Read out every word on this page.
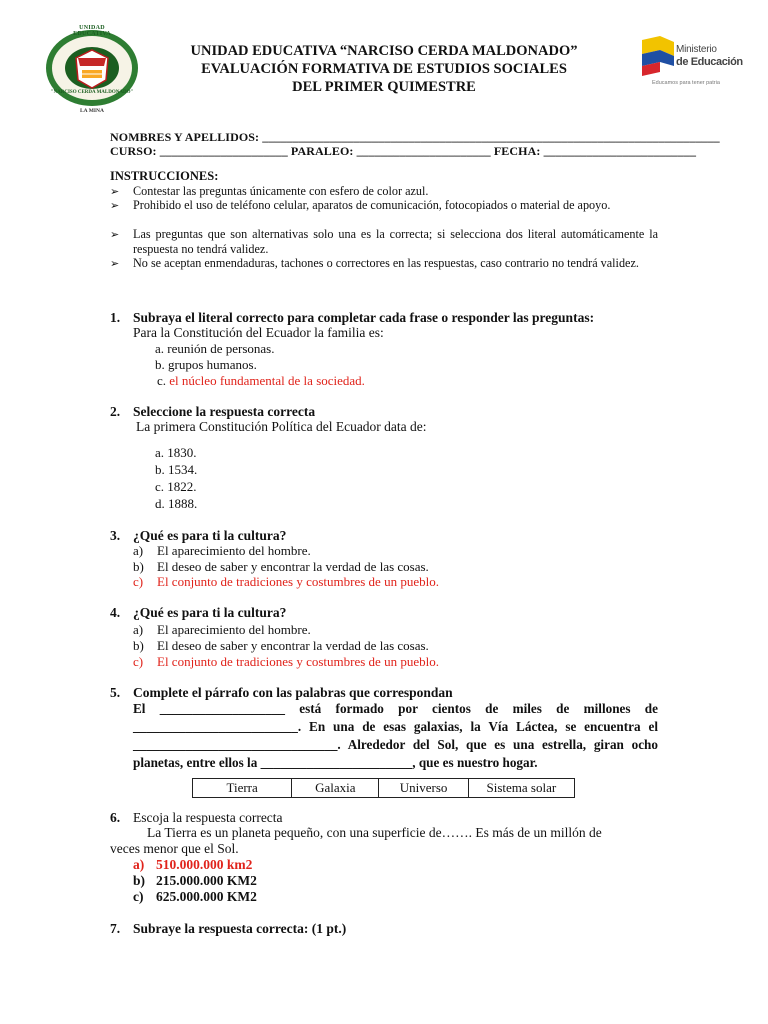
UNIDAD EDUCATIVA
"NARCISO CERDA MALDONADO"
LA MINA
UNIDAD EDUCATIVA “NARCISO CERDA MALDONADO”
EVALUACIÓN FORMATIVA DE ESTUDIOS SOCIALES
DEL PRIMER QUIMESTRE
Ministerio
de Educación
Educamos para tener patria
NOMBRES Y APELLIDOS: ___________________________________________________________________________
CURSO: _____________________ PARALEO: ______________________ FECHA: _________________________
INSTRUCCIONES:
➢ Contestar las preguntas únicamente con esfero de color azul.
➢ Prohibido el uso de teléfono celular, aparatos de comunicación, fotocopiados o material de apoyo.
➢ Las preguntas que son alternativas solo una es la correcta; si selecciona dos literal automáticamente la respuesta no tendrá validez.
➢ No se aceptan enmendaduras, tachones o correctores en las respuestas, caso contrario no tendrá validez.
1. Subraya el literal correcto para completar cada frase o responder las preguntas:
Para la Constitución del Ecuador la familia es:
a. reunión de personas.
b. grupos humanos.
c. el núcleo fundamental de la sociedad.
2. Seleccione la respuesta correcta
La primera Constitución Política del Ecuador data de:
a. 1830.
b. 1534.
c. 1822.
d. 1888.
3. ¿Qué es para ti la cultura?
a) El aparecimiento del hombre.
b) El deseo de saber y encontrar la verdad de las cosas.
c) El conjunto de tradiciones y costumbres de un pueblo.
4. ¿Qué es para ti la cultura?
a) El aparecimiento del hombre.
b) El deseo de saber y encontrar la verdad de las cosas.
c) El conjunto de tradiciones y costumbres de un pueblo.
5. Complete el párrafo con las palabras que correspondan
El ___________________ está formado por cientos de miles de millones de
_________________________. En una de esas galaxias, la Vía Láctea, se encuentra el
_______________________________. Alrededor del Sol, que es una estrella, giran ocho
planetas, entre ellos la _______________________, que es nuestro hogar.
Tierra	Galaxia	Universo	Sistema solar
6. Escoja la respuesta correcta
La Tierra es un planeta pequeño, con una superficie de……. Es más de un millón de
veces menor que el Sol.
a) 510.000.000 km2
b) 215.000.000 KM2
c) 625.000.000 KM2
7. Subraye la respuesta correcta: (1 pt.)
